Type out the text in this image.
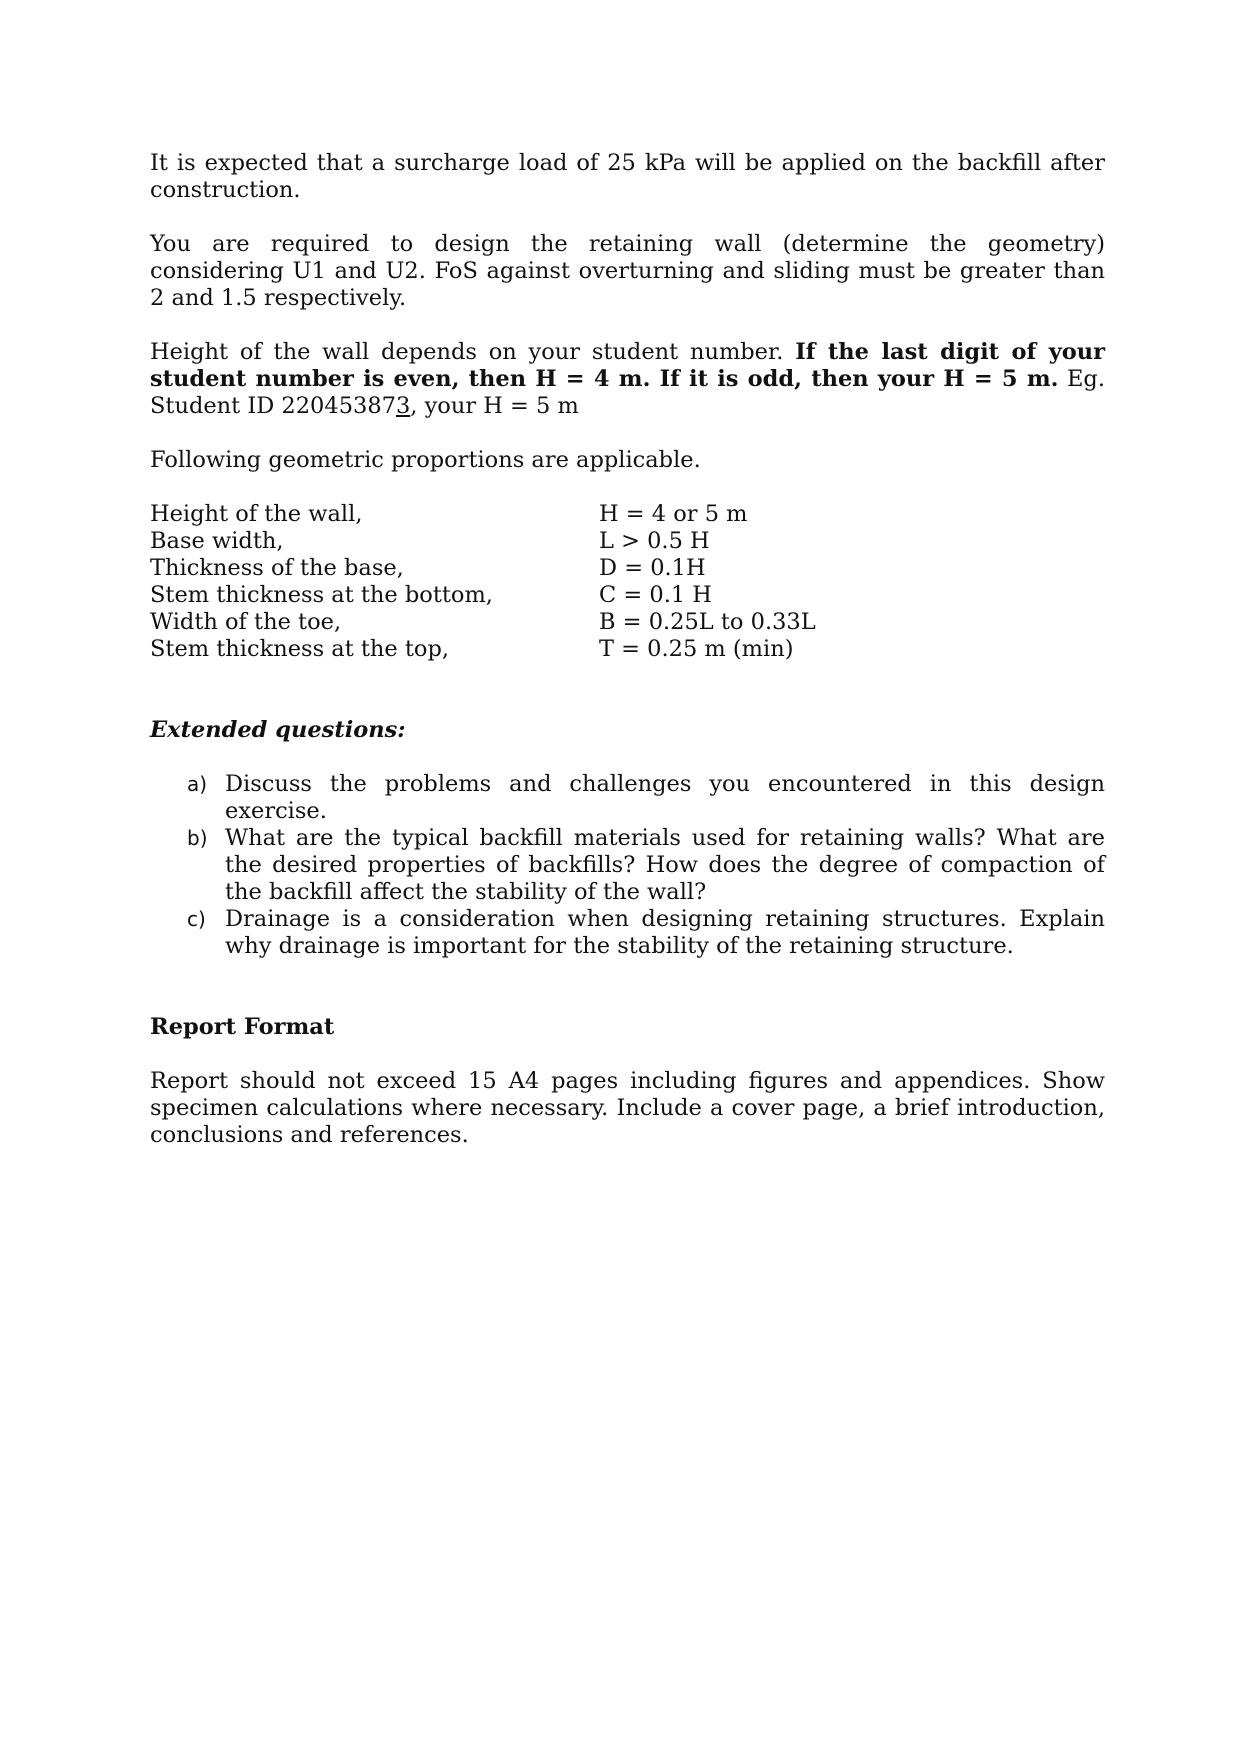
It is expected that a surcharge load of 25 kPa will be applied on the backfill after construction.

You are required to design the retaining wall (determine the geometry) considering U1 and U2. FoS against overturning and sliding must be greater than 2 and 1.5 respectively.

Height of the wall depends on your student number. If the last digit of your student number is even, then H = 4 m. If it is odd, then your H = 5 m. Eg. Student ID 220453873, your H = 5 m

Following geometric proportions are applicable.

Height of the wall,	H = 4 or 5 m
Base width,	L > 0.5 H
Thickness of the base,	D = 0.1H
Stem thickness at the bottom,	C = 0.1 H
Width of the toe,	B = 0.25L to 0.33L
Stem thickness at the top,	T = 0.25 m (min)

Extended questions:

a) Discuss the problems and challenges you encountered in this design exercise.
b) What are the typical backfill materials used for retaining walls? What are the desired properties of backfills? How does the degree of compaction of the backfill affect the stability of the wall?
c) Drainage is a consideration when designing retaining structures. Explain why drainage is important for the stability of the retaining structure.

Report Format

Report should not exceed 15 A4 pages including figures and appendices. Show specimen calculations where necessary. Include a cover page, a brief introduction, conclusions and references.
